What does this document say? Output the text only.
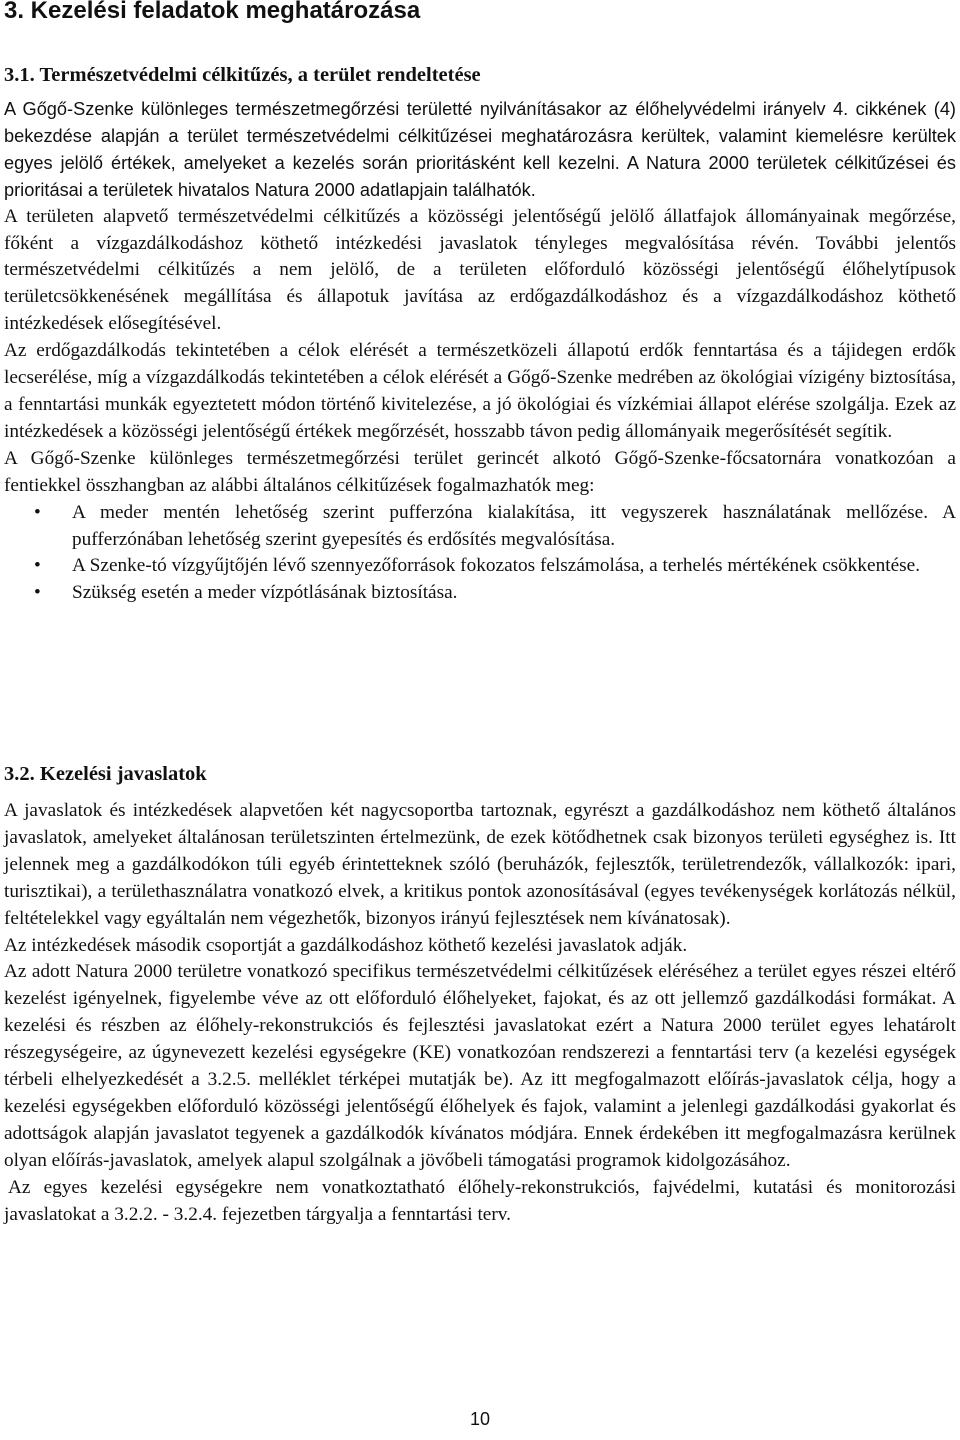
3. Kezelési feladatok meghatározása
3.1. Természetvédelmi célkitűzés, a terület rendeltetése

A Gőgő-Szenke különleges természetmegőrzési területté nyilvánításakor az élőhelyvédelmi irányelv 4. cikkének (4) bekezdése alapján a terület természetvédelmi célkitűzései meghatározásra kerültek, valamint kiemelésre kerültek egyes jelölő értékek, amelyeket a kezelés során prioritásként kell kezelni. A Natura 2000 területek célkitűzései és prioritásai a területek hivatalos Natura 2000 adatlapjain találhatók.

A területen alapvető természetvédelmi célkitűzés a közösségi jelentőségű jelölő állatfajok állományainak megőrzése, főként a vízgazdálkodáshoz köthető intézkedési javaslatok tényleges megvalósítása révén. További jelentős természetvédelmi célkitűzés a nem jelölő, de a területen előforduló közösségi jelentőségű élőhelytípusok területcsökkenésének megállítása és állapotuk javítása az erdőgazdálkodáshoz és a vízgazdálkodáshoz köthető intézkedések elősegítésével.

Az erdőgazdálkodás tekintetében a célok elérését a természetközeli állapotú erdők fenntartása és a tájidegen erdők lecserélése, míg a vízgazdálkodás tekintetében a célok elérését a Gőgő-Szenke medrében az ökológiai vízigény biztosítása, a fenntartási munkák egyeztetett módon történő kivitelezése, a jó ökológiai és vízkémiai állapot elérése szolgálja. Ezek az intézkedések a közösségi jelentőségű értékek megőrzését, hosszabb távon pedig állományaik megerősítését segítik.

A Gőgő-Szenke különleges természetmegőrzési terület gerincét alkotó Gőgő-Szenke-főcsatornára vonatkozóan a fentiekkel összhangban az alábbi általános célkitűzések fogalmazhatók meg:

• A meder mentén lehetőség szerint pufferzóna kialakítása, itt vegyszerek használatának mellőzése. A pufferzónában lehetőség szerint gyepesítés és erdősítés megvalósítása.
• A Szenke-tó vízgyűjtőjén lévő szennyezőforrások fokozatos felszámolása, a terhelés mértékének csökkentése.
• Szükség esetén a meder vízpótlásának biztosítása.
3.2. Kezelési javaslatok

A javaslatok és intézkedések alapvetően két nagycsoportba tartoznak, egyrészt a gazdálkodáshoz nem köthető általános javaslatok, amelyeket általánosan területszinten értelmezünk, de ezek kötődhetnek csak bizonyos területi egységhez is. Itt jelennek meg a gazdálkodókon túli egyéb érintetteknek szóló (beruházók, fejlesztők, területrendezők, vállalkozók: ipari, turisztikai), a területhasználatra vonatkozó elvek, a kritikus pontok azonosításával (egyes tevékenységek korlátozás nélkül, feltételekkel vagy egyáltalán nem végezhetők, bizonyos irányú fejlesztések nem kívánatosak).

Az intézkedések második csoportját a gazdálkodáshoz köthető kezelési javaslatok adják.

Az adott Natura 2000 területre vonatkozó specifikus természetvédelmi célkitűzések eléréséhez a terület egyes részei eltérő kezelést igényelnek, figyelembe véve az ott előforduló élőhelyeket, fajokat, és az ott jellemző gazdálkodási formákat. A kezelési és részben az élőhely-rekonstrukciós és fejlesztési javaslatokat ezért a Natura 2000 terület egyes lehatárolt részegységeire, az úgynevezett kezelési egységekre (KE) vonatkozóan rendszerezi a fenntartási terv (a kezelési egységek térbeli elhelyezkedését a 3.2.5. melléklet térképei mutatják be). Az itt megfogalmazott előírás-javaslatok célja, hogy a kezelési egységekben előforduló közösségi jelentőségű élőhelyek és fajok, valamint a jelenlegi gazdálkodási gyakorlat és adottságok alapján javaslatot tegyenek a gazdálkodók kívánatos módjára. Ennek érdekében itt megfogalmazásra kerülnek olyan előírás-javaslatok, amelyek alapul szolgálnak a jövőbeli támogatási programok kidolgozásához.

Az egyes kezelési egységekre nem vonatkoztatható élőhely-rekonstrukciós, fajvédelmi, kutatási és monitorozási javaslatokat a 3.2.2. - 3.2.4. fejezetben tárgyalja a fenntartási terv.

10
